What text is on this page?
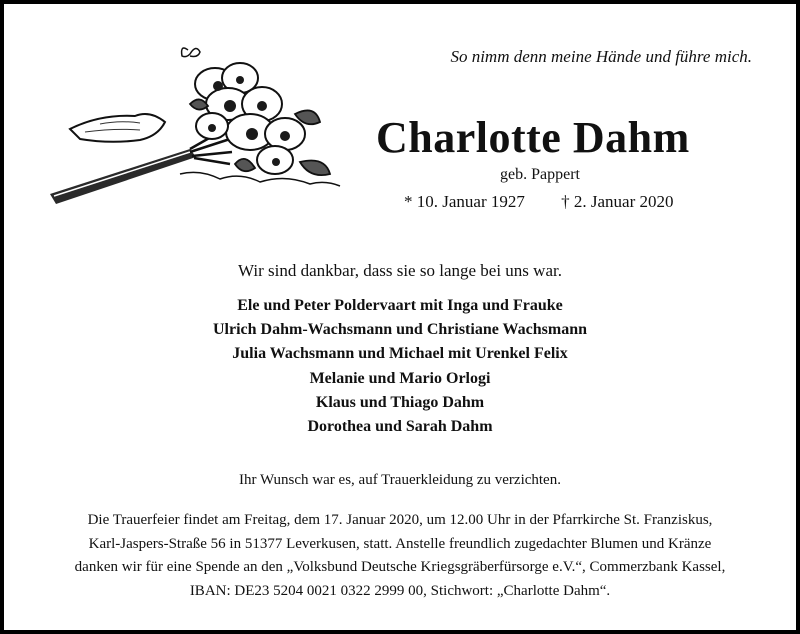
So nimm denn meine Hände und führe mich.
Charlotte Dahm
geb. Pappert
* 10. Januar 1927 † 2. Januar 2020
Wir sind dankbar, dass sie so lange bei uns war.
Ele und Peter Poldervaart mit Inga und Frauke
Ulrich Dahm-Wachsmann und Christiane Wachsmann
Julia Wachsmann und Michael mit Urenkel Felix
Melanie und Mario Orlogi
Klaus und Thiago Dahm
Dorothea und Sarah Dahm
Ihr Wunsch war es, auf Trauerkleidung zu verzichten.
Die Trauerfeier findet am Freitag, dem 17. Januar 2020, um 12.00 Uhr in der Pfarrkirche St. Franziskus,
Karl-Jaspers-Straße 56 in 51377 Leverkusen, statt. Anstelle freundlich zugedachter Blumen und Kränze
danken wir für eine Spende an den „Volksbund Deutsche Kriegsgräberfürsorge e.V.“, Commerzbank Kassel,
IBAN: DE23 5204 0021 0322 2999 00, Stichwort: „Charlotte Dahm“.
